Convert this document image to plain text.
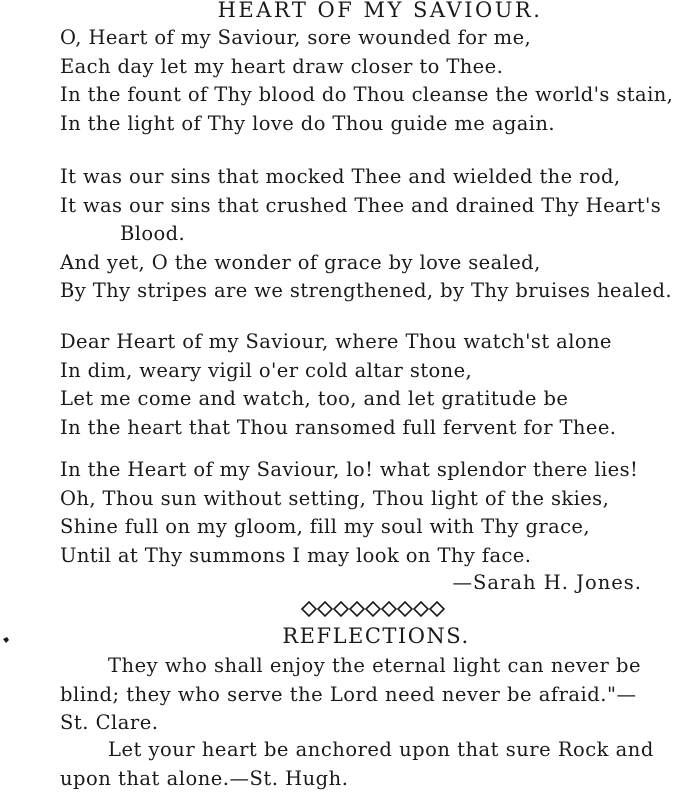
HEART OF MY SAVIOUR.
O, Heart of my Saviour, sore wounded for me,
Each day let my heart draw closer to Thee.
In the fount of Thy blood do Thou cleanse the world's stain,
In the light of Thy love do Thou guide me again.
It was our sins that mocked Thee and wielded the rod,
It was our sins that crushed Thee and drained Thy Heart's
Blood.
And yet, O the wonder of grace by love sealed,
By Thy stripes are we strengthened, by Thy bruises healed.
Dear Heart of my Saviour, where Thou watch'st alone
In dim, weary vigil o'er cold altar stone,
Let me come and watch, too, and let gratitude be
In the heart that Thou ransomed full fervent for Thee.
In the Heart of my Saviour, lo! what splendor there lies!
Oh, Thou sun without setting, Thou light of the skies,
Shine full on my gloom, fill my soul with Thy grace,
Until at Thy summons I may look on Thy face.
—Sarah H. Jones.
REFLECTIONS.
They who shall enjoy the eternal light can never be
blind; they who serve the Lord need never be afraid."—
St. Clare.
Let your heart be anchored upon that sure Rock and
upon that alone.—St. Hugh.
